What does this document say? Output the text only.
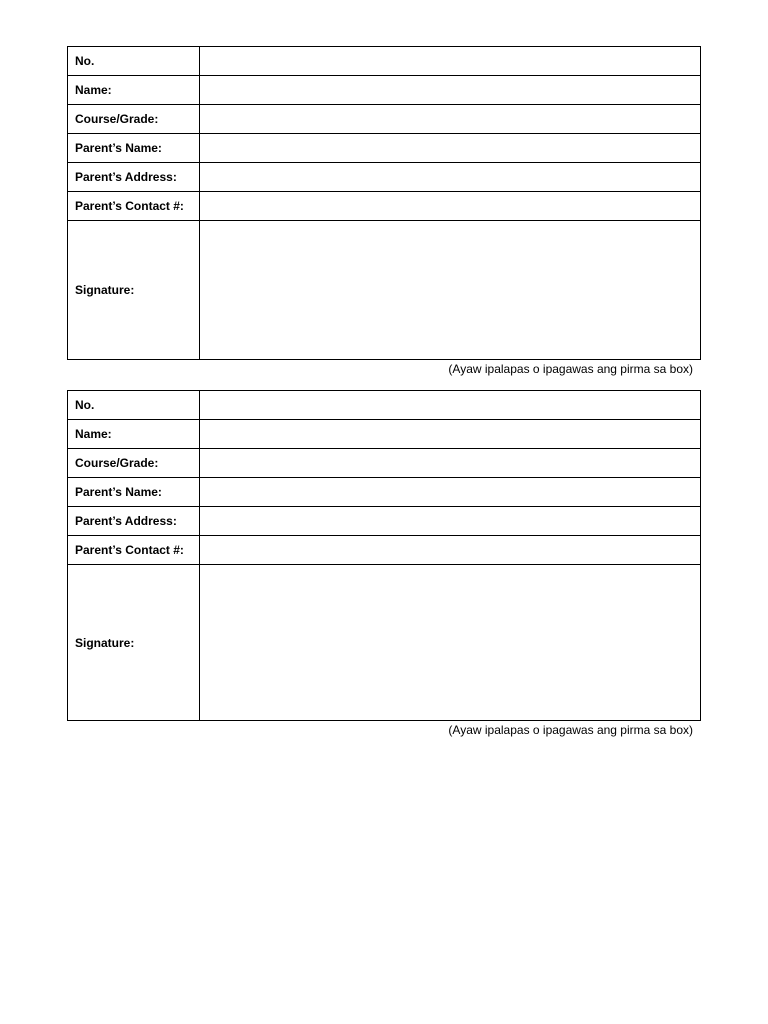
No.	
Name:	
Course/Grade:	
Parent’s Name:	
Parent’s Address:	
Parent’s Contact #:	
Signature:	
(Ayaw ipalapas o ipagawas ang pirma sa box)
No.	
Name:	
Course/Grade:	
Parent’s Name:	
Parent’s Address:	
Parent’s Contact #:	
Signature:	
(Ayaw ipalapas o ipagawas ang pirma sa box)
